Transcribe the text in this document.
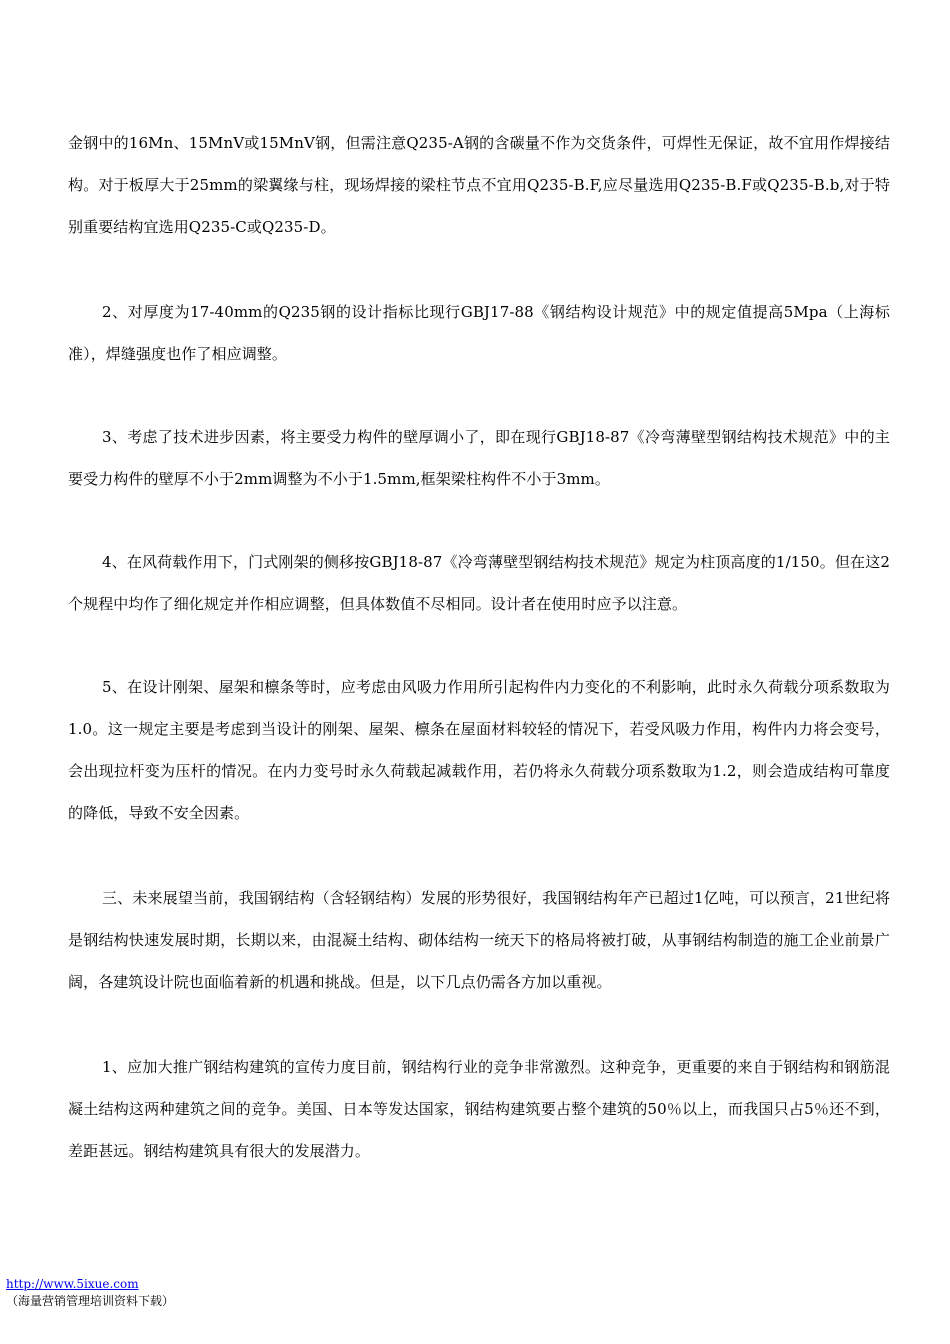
金钢中的16Mn、15MnV或15MnV钢，但需注意Q235-A钢的含碳量不作为交货条件，可焊性无保证，故不宜用作焊接结构。对于板厚大于25mm的梁翼缘与柱，现场焊接的梁柱节点不宜用Q235-B.F,应尽量选用Q235-B.F或Q235-B.b,对于特别重要结构宜选用Q235-C或Q235-D。

2、对厚度为17-40mm的Q235钢的设计指标比现行GBJ17-88《钢结构设计规范》中的规定值提高5Mpa（上海标准），焊缝强度也作了相应调整。

3、考虑了技术进步因素，将主要受力构件的壁厚调小了，即在现行GBJ18-87《冷弯薄壁型钢结构技术规范》中的主要受力构件的壁厚不小于2mm调整为不小于1.5mm,框架梁柱构件不小于3mm。

4、在风荷载作用下，门式刚架的侧移按GBJ18-87《冷弯薄壁型钢结构技术规范》规定为柱顶高度的1/150。但在这2个规程中均作了细化规定并作相应调整，但具体数值不尽相同。设计者在使用时应予以注意。

5、在设计刚架、屋架和檩条等时，应考虑由风吸力作用所引起构件内力变化的不利影响，此时永久荷载分项系数取为1.0。这一规定主要是考虑到当设计的刚架、屋架、檩条在屋面材料较轻的情况下，若受风吸力作用，构件内力将会变号，会出现拉杆变为压杆的情况。在内力变号时永久荷载起减载作用，若仍将永久荷载分项系数取为1.2，则会造成结构可靠度的降低，导致不安全因素。

三、未来展望当前，我国钢结构（含轻钢结构）发展的形势很好，我国钢结构年产已超过1亿吨，可以预言，21世纪将是钢结构快速发展时期，长期以来，由混凝土结构、砌体结构一统天下的格局将被打破，从事钢结构制造的施工企业前景广阔，各建筑设计院也面临着新的机遇和挑战。但是，以下几点仍需各方加以重视。

1、应加大推广钢结构建筑的宣传力度目前，钢结构行业的竞争非常激烈。这种竞争，更重要的来自于钢结构和钢筋混凝土结构这两种建筑之间的竞争。美国、日本等发达国家，钢结构建筑要占整个建筑的50％以上，而我国只占5％还不到，差距甚远。钢结构建筑具有很大的发展潜力。

http://www.5ixue.com（海量营销管理培训资料下载）
